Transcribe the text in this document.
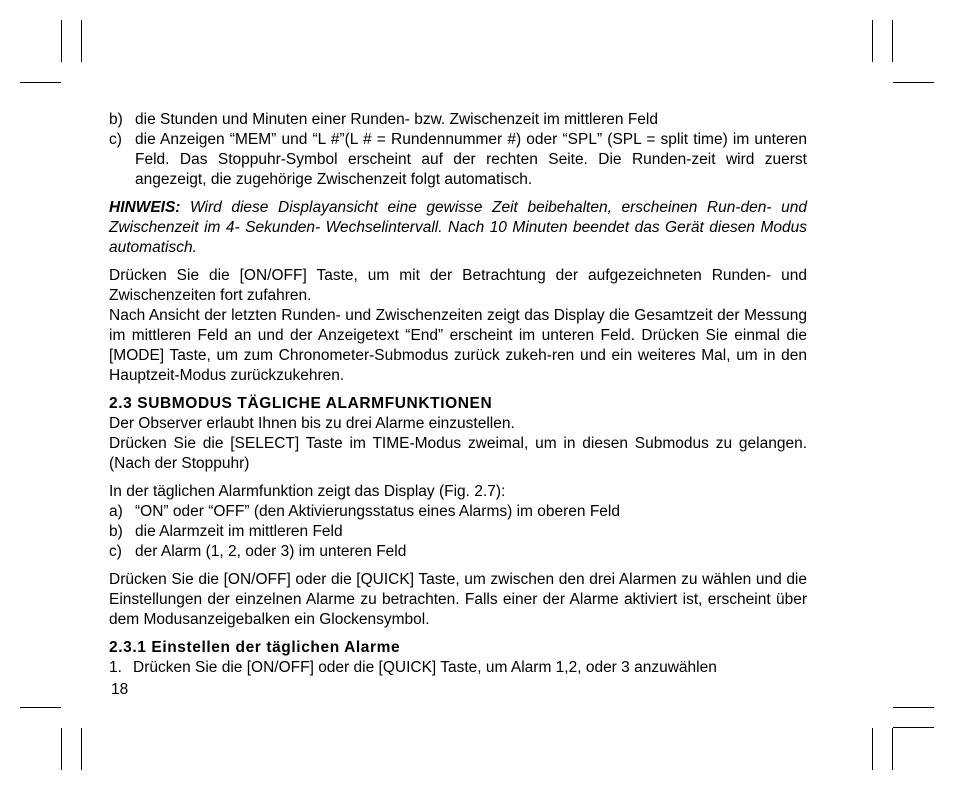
b) die Stunden und Minuten einer Runden- bzw. Zwischenzeit im mittleren Feld
c) die Anzeigen “MEM” und “L #”(L # = Rundennummer #) oder “SPL” (SPL = split time) im unteren Feld. Das Stoppuhr-Symbol erscheint auf der rechten Seite. Die Runden-zeit wird zuerst angezeigt, die zugehörige Zwischenzeit folgt automatisch.

HINWEIS: Wird diese Displayansicht eine gewisse Zeit beibehalten, erscheinen Run-den- und Zwischenzeit im 4- Sekunden- Wechselintervall. Nach 10 Minuten beendet das Gerät diesen Modus automatisch.

Drücken Sie die [ON/OFF] Taste, um mit der Betrachtung der aufgezeichneten Runden- und Zwischenzeiten fort zufahren.

Nach Ansicht der letzten Runden- und Zwischenzeiten zeigt das Display die Gesamtzeit der Messung im mittleren Feld an und der Anzeigetext “End” erscheint im unteren Feld. Drücken Sie einmal die [MODE] Taste, um zum Chronometer-Submodus zurück zukeh-ren und ein weiteres Mal, um in den Hauptzeit-Modus zurückzukehren.

2.3 SUBMODUS TÄGLICHE ALARMFUNKTIONEN

Der Observer erlaubt Ihnen bis zu drei Alarme einzustellen.

Drücken Sie die [SELECT] Taste im TIME-Modus zweimal, um in diesen Submodus zu gelangen. (Nach der Stoppuhr)

In der täglichen Alarmfunktion zeigt das Display (Fig. 2.7):

a) “ON” oder “OFF” (den Aktivierungsstatus eines Alarms) im oberen Feld
b) die Alarmzeit im mittleren Feld
c) der Alarm (1, 2, oder 3) im unteren Feld

Drücken Sie die [ON/OFF] oder die [QUICK] Taste, um zwischen den drei Alarmen zu wählen und die Einstellungen der einzelnen Alarme zu betrachten. Falls einer der Alarme aktiviert ist, erscheint über dem Modusanzeigebalken ein Glockensymbol.

2.3.1 Einstellen der täglichen Alarme
1. Drücken Sie die [ON/OFF] oder die [QUICK] Taste, um Alarm 1,2, oder 3 anzuwählen
18
